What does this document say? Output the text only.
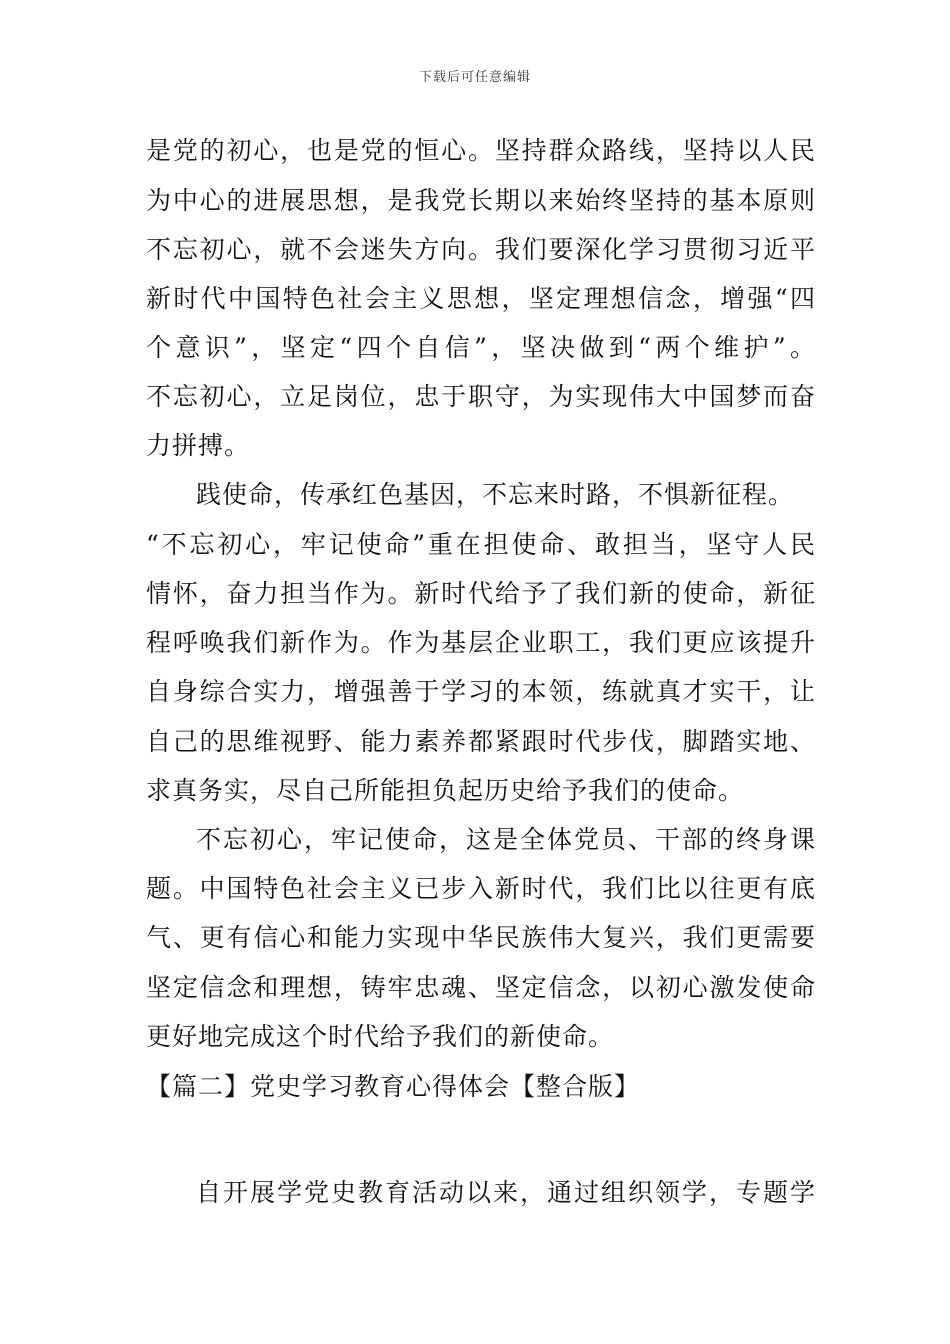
下载后可任意编辑
是党的初心，也是党的恒心。坚持群众路线，坚持以人民
为中心的进展思想，是我党长期以来始终坚持的基本原则
不忘初心，就不会迷失方向。我们要深化学习贯彻习近平
新时代中国特色社会主义思想，坚定理想信念，增强“四
个意识”，坚定“四个自信”，坚决做到“两个维护”。
不忘初心，立足岗位，忠于职守，为实现伟大中国梦而奋
力拼搏。
践使命，传承红色基因，不忘来时路，不惧新征程。
“不忘初心，牢记使命”重在担使命、敢担当，坚守人民
情怀，奋力担当作为。新时代给予了我们新的使命，新征
程呼唤我们新作为。作为基层企业职工，我们更应该提升
自身综合实力，增强善于学习的本领，练就真才实干，让
自己的思维视野、能力素养都紧跟时代步伐，脚踏实地、
求真务实，尽自己所能担负起历史给予我们的使命。
不忘初心，牢记使命，这是全体党员、干部的终身课
题。中国特色社会主义已步入新时代，我们比以往更有底
气、更有信心和能力实现中华民族伟大复兴，我们更需要
坚定信念和理想，铸牢忠魂、坚定信念，以初心激发使命
更好地完成这个时代给予我们的新使命。
【篇二】党史学习教育心得体会【整合版】
自开展学党史教育活动以来，通过组织领学，专题学
